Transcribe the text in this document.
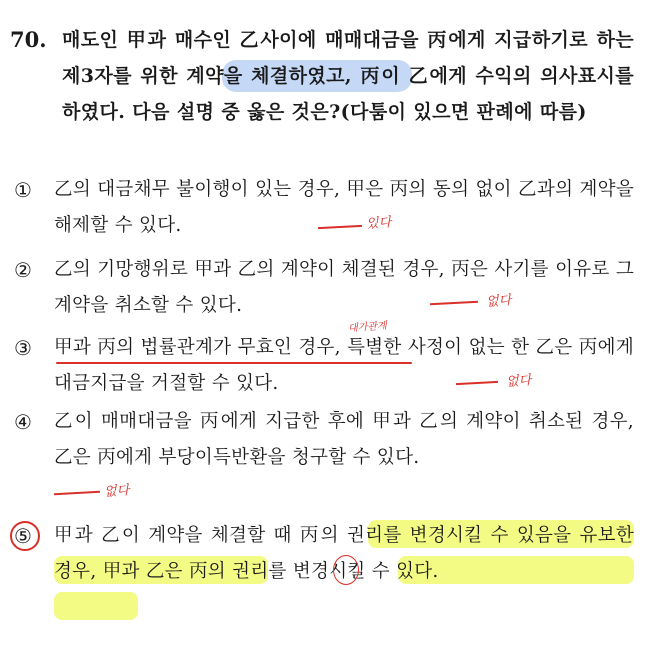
70. 매도인 甲과 매수인 乙사이에 매매대금을 丙에게 지급하기로 하는 제3자를 위한 계약을 체결하였고, 丙이 乙에게 수익의 의사표시를 하였다. 다음 설명 중 옳은 것은?(다툼이 있으면 판례에 따름)
①	乙의 대금채무 불이행이 있는 경우, 甲은 丙의 동의 없이 乙과의 계약을 해제할 수 있다.
②	乙의 기망행위로 甲과 乙의 계약이 체결된 경우, 丙은 사기를 이유로 그 계약을 취소할 수 있다.
③	甲과 丙의 법률관계가 무효인 경우, 특별한 사정이 없는 한 乙은 丙에게 대금지급을 거절할 수 있다.
④	乙이 매매대금을 丙에게 지급한 후에 甲과 乙의 계약이 취소된 경우, 乙은 丙에게 부당이득반환을 청구할 수 있다.
⑤	甲과 乙이 계약을 체결할 때 丙의 권리를 변경시킬 수 있음을 유보한 경우, 甲과 乙은 丙의 권리를 변경시킬 수 있다.
있다
없다
대가관계
없다
없다
